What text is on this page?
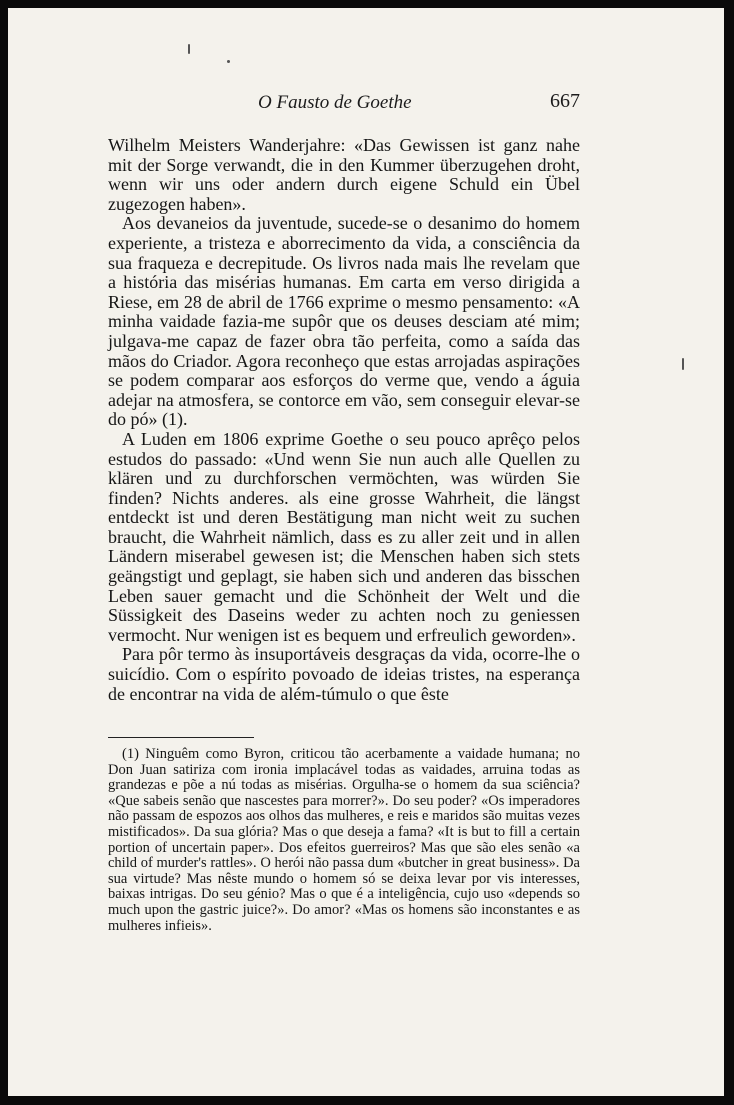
O Fausto de Goethe	667

Wilhelm Meisters Wanderjahre: «Das Gewissen ist ganz nahe mit der Sorge verwandt, die in den Kummer überzugehen droht, wenn wir uns oder andern durch eigene Schuld ein Übel zugezogen haben».

Aos devaneios da juventude, sucede-se o desanimo do homem experiente, a tristeza e aborrecimento da vida, a consciência da sua fraqueza e decrepitude. Os livros nada mais lhe revelam que a história das misérias humanas. Em carta em verso dirigida a Riese, em 28 de abril de 1766 exprime o mesmo pensamento: «A minha vaidade fazia-me supôr que os deuses desciam até mim; julgava-me capaz de fazer obra tão perfeita, como a saída das mãos do Criador. Agora reconheço que estas arrojadas aspirações se podem comparar aos esforços do verme que, vendo a águia adejar na atmosfera, se contorce em vão, sem conseguir elevar-se do pó» (1).

A Luden em 1806 exprime Goethe o seu pouco aprêço pelos estudos do passado: «Und wenn Sie nun auch alle Quellen zu klären und zu durchforschen vermöchten, was würden Sie finden? Nichts anderes. als eine grosse Wahrheit, die längst entdeckt ist und deren Bestätigung man nicht weit zu suchen braucht, die Wahrheit nämlich, dass es zu aller zeit und in allen Ländern miserabel gewesen ist; die Menschen haben sich stets geängstigt und geplagt, sie haben sich und anderen das bisschen Leben sauer gemacht und die Schönheit der Welt und die Süssigkeit des Daseins weder zu achten noch zu geniessen vermocht. Nur wenigen ist es bequem und erfreulich geworden».

Para pôr termo às insuportáveis desgraças da vida, ocorre-lhe o suicídio. Com o espírito povoado de ideias tristes, na esperança de encontrar na vida de além-túmulo o que êste

(1) Ninguêm como Byron, criticou tão acerbamente a vaidade humana; no Don Juan satiriza com ironia implacável todas as vaidades, arruina todas as grandezas e põe a nú todas as misérias. Orgulha-se o homem da sua sciência? «Que sabeis senão que nascestes para morrer?». Do seu poder? «Os imperadores não passam de espozos aos olhos das mulheres, e reis e maridos são muitas vezes mistificados». Da sua glória? Mas o que deseja a fama? «It is but to fill a certain portion of uncertain paper». Dos efeitos guerreiros? Mas que são eles senão «a child of murder's rattles». O herói não passa dum «butcher in great business». Da sua virtude? Mas nêste mundo o homem só se deixa levar por vis interesses, baixas intrigas. Do seu génio? Mas o que é a inteligência, cujo uso «depends so much upon the gastric juice?». Do amor? «Mas os homens são inconstantes e as mulheres infieis».
